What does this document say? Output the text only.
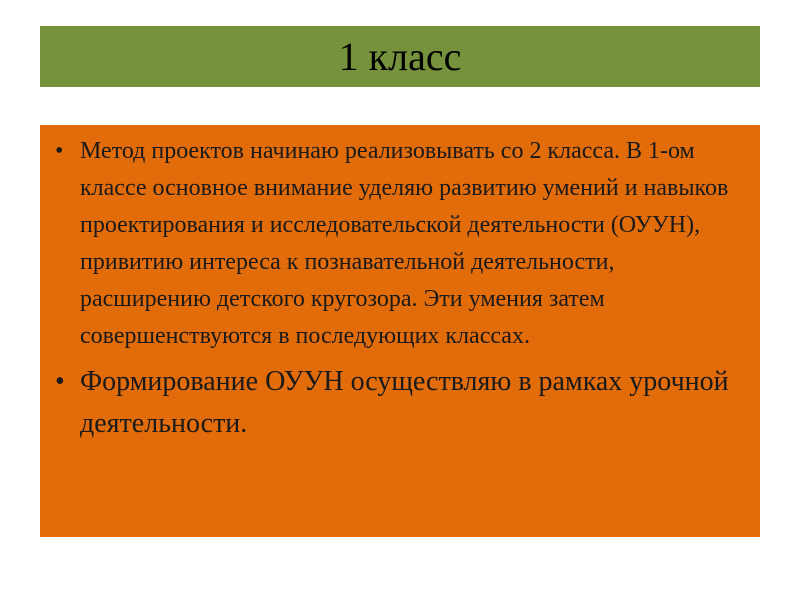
1 класс
• Метод проектов начинаю реализовывать со 2 класса. В 1-ом классе основное внимание уделяю развитию умений и навыков проектирования и исследовательской деятельности (ОУУН), привитию интереса к познавательной деятельности, расширению детского кругозора. Эти умения затем совершенствуются в последующих классах.
• Формирование ОУУН осуществляю в рамках урочной деятельности.
